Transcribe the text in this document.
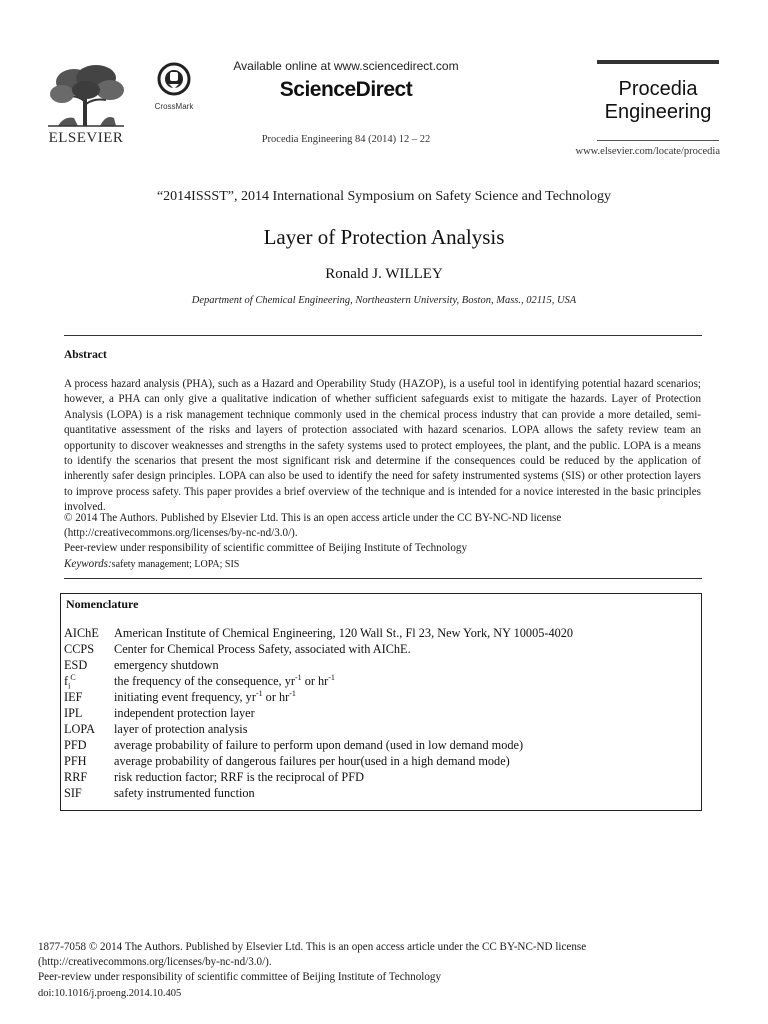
ELSEVIER
CrossMark
Available online at www.sciencedirect.com
ScienceDirect
Procedia Engineering 84 (2014) 12 – 22
Procedia
Engineering
www.elsevier.com/locate/procedia
“2014ISSST”, 2014 International Symposium on Safety Science and Technology
Layer of Protection Analysis
Ronald J. WILLEY
Department of Chemical Engineering, Northeastern University, Boston, Mass., 02115, USA
Abstract
A process hazard analysis (PHA), such as a Hazard and Operability Study (HAZOP), is a useful tool in identifying potential hazard scenarios; however, a PHA can only give a qualitative indication of whether sufficient safeguards exist to mitigate the hazards. Layer of Protection Analysis (LOPA) is a risk management technique commonly used in the chemical process industry that can provide a more detailed, semi-quantitative assessment of the risks and layers of protection associated with hazard scenarios. LOPA allows the safety review team an opportunity to discover weaknesses and strengths in the safety systems used to protect employees, the plant, and the public. LOPA is a means to identify the scenarios that present the most significant risk and determine if the consequences could be reduced by the application of inherently safer design principles. LOPA can also be used to identify the need for safety instrumented systems (SIS) or other protection layers to improve process safety. This paper provides a brief overview of the technique and is intended for a novice interested in the basic principles involved.
© 2014 The Authors. Published by Elsevier Ltd. This is an open access article under the CC BY-NC-ND license
(http://creativecommons.org/licenses/by-nc-nd/3.0/).
Peer-review under responsibility of scientific committee of Beijing Institute of Technology
Keywords:safety management; LOPA; SIS
Nomenclature
AIChE	American Institute of Chemical Engineering, 120 Wall St., Fl 23, New York, NY 10005-4020
CCPS	Center for Chemical Process Safety, associated with AIChE.
ESD	emergency shutdown
$f_i^C$	the frequency of the consequence, $yr^{-1}$ or $hr^{-1}$
IEF	initiating event frequency, $yr^{-1}$ or $hr^{-1}$
IPL	independent protection layer
LOPA	layer of protection analysis
PFD	average probability of failure to perform upon demand (used in low demand mode)
PFH	average probability of dangerous failures per hour(used in a high demand mode)
RRF	risk reduction factor; RRF is the reciprocal of PFD
SIF	safety instrumented function
1877-7058 © 2014 The Authors. Published by Elsevier Ltd. This is an open access article under the CC BY-NC-ND license
(http://creativecommons.org/licenses/by-nc-nd/3.0/).
Peer-review under responsibility of scientific committee of Beijing Institute of Technology
doi:10.1016/j.proeng.2014.10.405
